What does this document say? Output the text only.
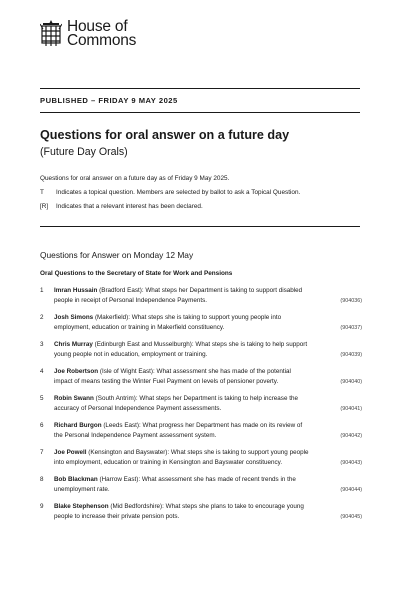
House of
Commons
PUBLISHED – FRIDAY 9 MAY 2025
Questions for oral answer on a future day
(Future Day Orals)
Questions for oral answer on a future day as of Friday 9 May 2025.
T	Indicates a topical question. Members are selected by ballot to ask a Topical Question.
[R]	Indicates that a relevant interest has been declared.
Questions for Answer on Monday 12 May
Oral Questions to the Secretary of State for Work and Pensions
1 Imran Hussain (Bradford East): What steps her Department is taking to support disabled
people in receipt of Personal Independence Payments.	(904036)
2 Josh Simons (Makerfield): What steps she is taking to support young people into
employment, education or training in Makerfield constituency.	(904037)
3 Chris Murray (Edinburgh East and Musselburgh): What steps she is taking to help support
young people not in education, employment or training.	(904039)
4 Joe Robertson (Isle of Wight East): What assessment she has made of the potential
impact of means testing the Winter Fuel Payment on levels of pensioner poverty.	(904040)
5 Robin Swann (South Antrim): What steps her Department is taking to help increase the
accuracy of Personal Independence Payment assessments.	(904041)
6 Richard Burgon (Leeds East): What progress her Department has made on its review of
the Personal Independence Payment assessment system.	(904042)
7 Joe Powell (Kensington and Bayswater): What steps she is taking to support young people
into employment, education or training in Kensington and Bayswater constituency.	(904043)
8 Bob Blackman (Harrow East): What assessment she has made of recent trends in the
unemployment rate.	(904044)
9 Blake Stephenson (Mid Bedfordshire): What steps she plans to take to encourage young
people to increase their private pension pots.	(904045)
